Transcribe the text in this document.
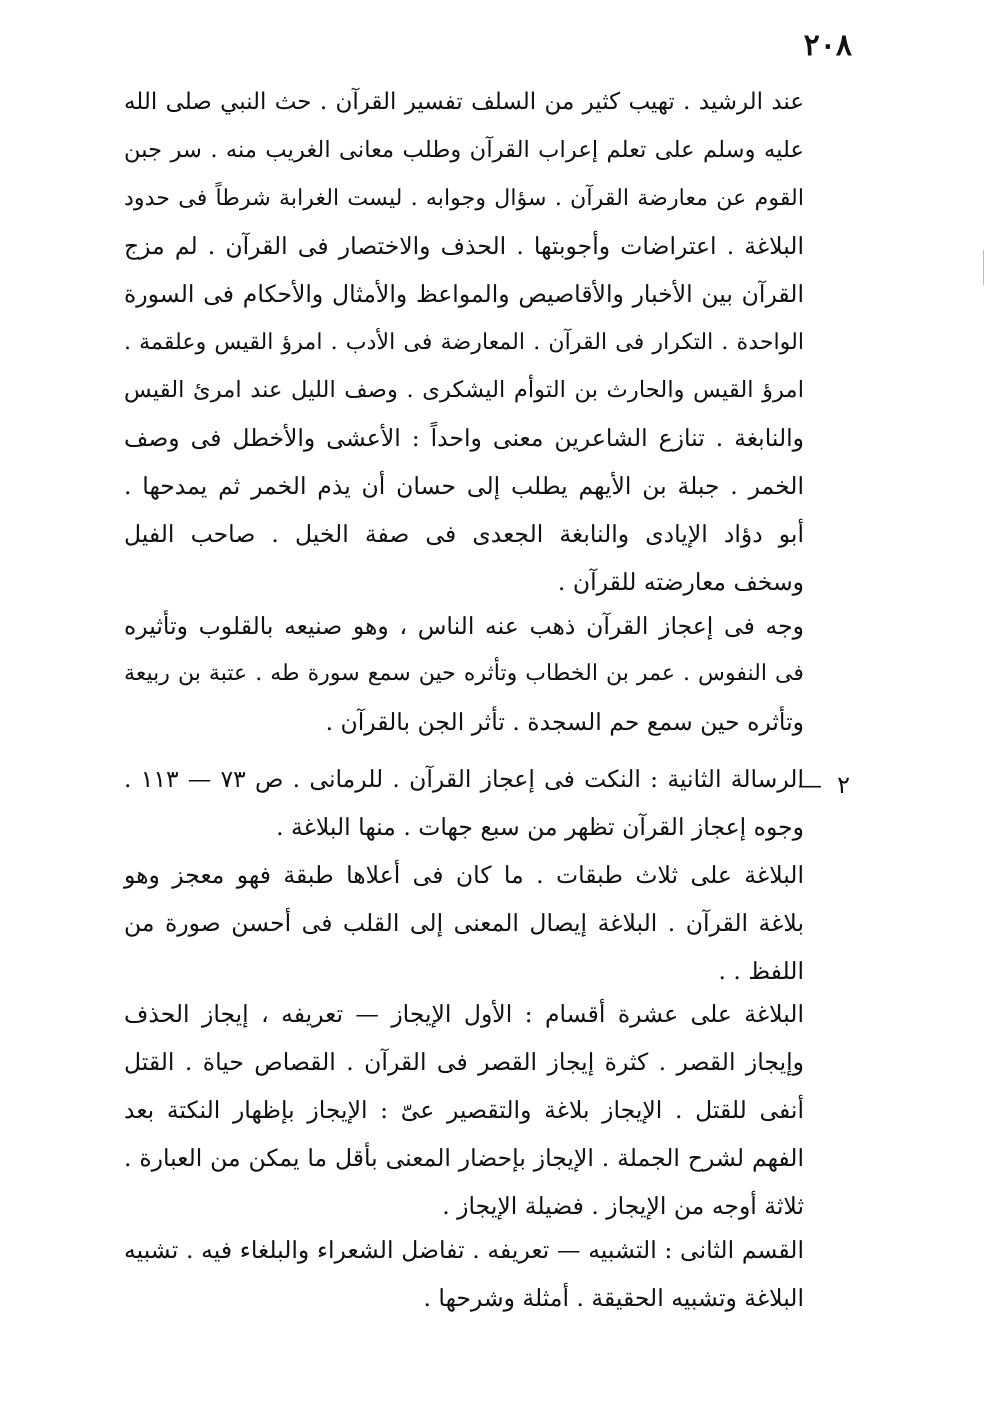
٢٠٨
عند الرشيد . تهيب كثير من السلف تفسير القرآن . حث النبي صلى الله
عليه وسلم على تعلم إعراب القرآن وطلب معانى الغريب منه . سر جبن
القوم عن معارضة القرآن . سؤال وجوابه . ليست الغرابة شرطاً فى حدود
البلاغة . اعتراضات وأجوبتها . الحذف والاختصار فى القرآن . لم مزج
القرآن بين الأخبار والأقاصيص والمواعظ والأمثال والأحكام فى السورة
الواحدة . التكرار فى القرآن . المعارضة فى الأدب . امرؤ القيس وعلقمة .
امرؤ القيس والحارث بن التوأم اليشكرى . وصف الليل عند امرئ القيس
والنابغة . تنازع الشاعرين معنى واحداً : الأعشى والأخطل فى وصف
الخمر . جبلة بن الأيهم يطلب إلى حسان أن يذم الخمر ثم يمدحها .
أبو دؤاد الإيادى والنابغة الجعدى فى صفة الخيل . صاحب الفيل
وسخف معارضته للقرآن .
وجه فى إعجاز القرآن ذهب عنه الناس ، وهو صنيعه بالقلوب وتأثيره
فى النفوس . عمر بن الخطاب وتأثره حين سمع سورة طه . عتبة بن ربيعة
وتأثره حين سمع حم السجدة . تأثر الجن بالقرآن .
٢
—
الرسالة الثانية : النكت فى إعجاز القرآن . للرمانى . ص ٧٣ — ١١٣ .
وجوه إعجاز القرآن تظهر من سبع جهات . منها البلاغة .
البلاغة على ثلاث طبقات . ما كان فى أعلاها طبقة فهو معجز وهو
بلاغة القرآن . البلاغة إيصال المعنى إلى القلب فى أحسن صورة من
اللفظ . .
البلاغة على عشرة أقسام : الأول الإيجاز — تعريفه ، إيجاز الحذف
وإيجاز القصر . كثرة إيجاز القصر فى القرآن . القصاص حياة . القتل
أنفى للقتل . الإيجاز بلاغة والتقصير عىّ : الإيجاز بإظهار النكتة بعد
الفهم لشرح الجملة . الإيجاز بإحضار المعنى بأقل ما يمكن من العبارة .
ثلاثة أوجه من الإيجاز . فضيلة الإيجاز .
القسم الثانى : التشبيه — تعريفه . تفاضل الشعراء والبلغاء فيه . تشبيه
البلاغة وتشبيه الحقيقة . أمثلة وشرحها .
